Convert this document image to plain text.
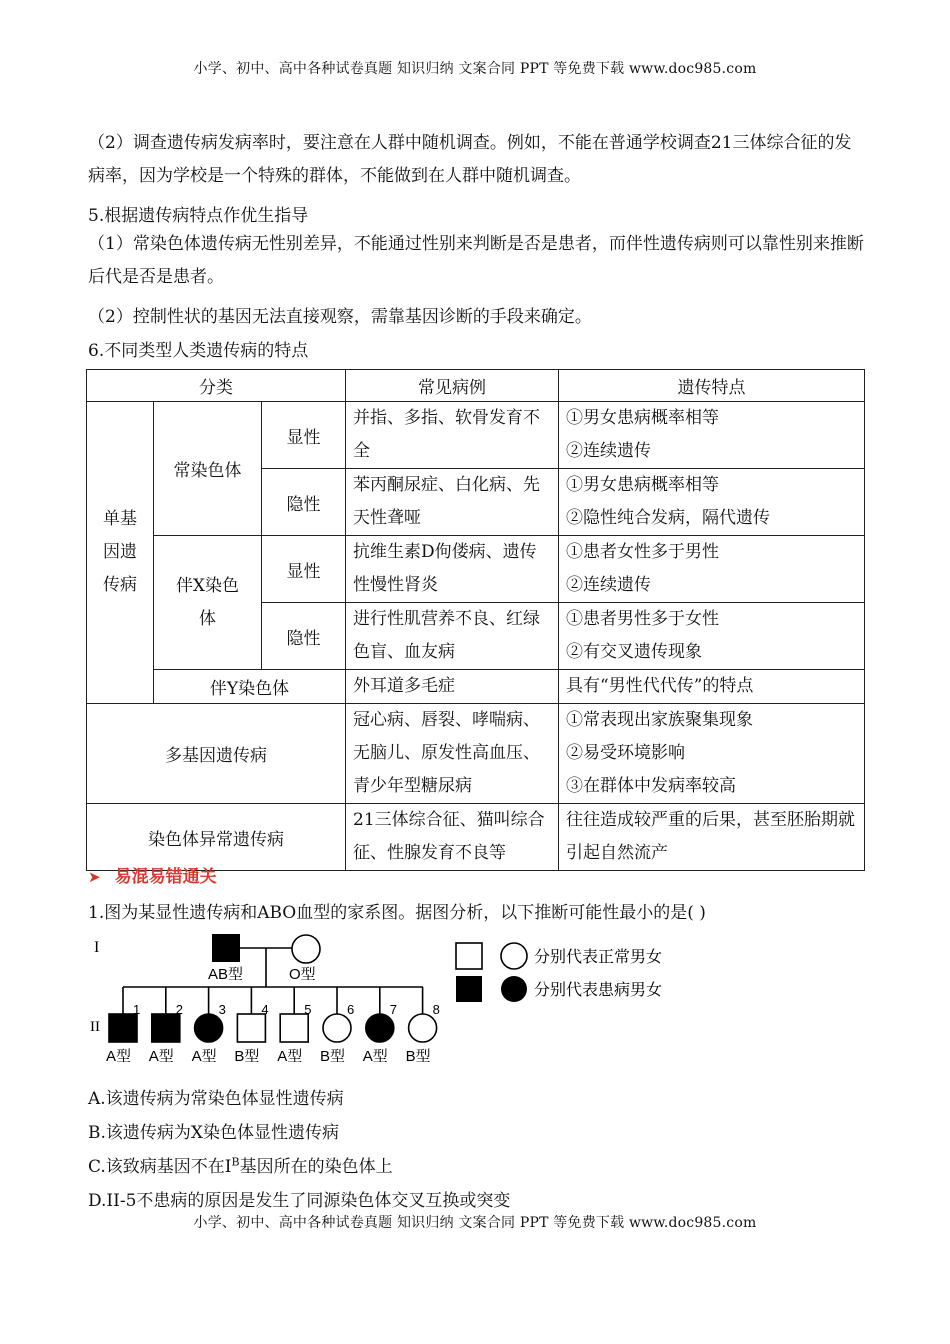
小学、初中、高中各种试卷真题 知识归纳 文案合同 PPT 等免费下载 www.doc985.com
（2）调查遗传病发病率时，要注意在人群中随机调查。例如，不能在普通学校调查21三体综合征的发病率，因为学校是一个特殊的群体，不能做到在人群中随机调查。
5.根据遗传病特点作优生指导
（1）常染色体遗传病无性别差异，不能通过性别来判断是否是患者，而伴性遗传病则可以靠性别来推断后代是否是患者。
（2）控制性状的基因无法直接观察，需靠基因诊断的手段来确定。
6.不同类型人类遗传病的特点
分类			常见病例	遗传特点
单基因遗传病	常染色体	显性	并指、多指、软骨发育不全	①男女患病概率相等
②连续遗传

		隐性	苯丙酮尿症、白化病、先天性聋哑	①男女患病概率相等
②隐性纯合发病，隔代遗传

	伴X染色体	显性	抗维生素D佝偻病、遗传性慢性肾炎	①患者女性多于男性
②连续遗传

		隐性	进行性肌营养不良、红绿色盲、血友病	①患者男性多于女性
②有交叉遗传现象

	伴Y染色体		外耳道多毛症	具有“男性代代传”的特点
多基因遗传病			冠心病、唇裂、哮喘病、无脑儿、原发性高血压、青少年型糖尿病	①常表现出家族聚集现象
②易受环境影响
③在群体中发病率较高

染色体异常遗传病			21三体综合征、猫叫综合征、性腺发育不良等	往往造成较严重的后果，甚至胚胎期就引起自然流产
➤ 易混易错通关
1.图为某显性遗传病和ABO血型的家系图。据图分析，以下推断可能性最小的是( )
I
II
AB型	O型
1
A型
2
A型
3
A型
4
B型
5
A型
6
B型
7
A型
8
B型
分别代表正常男女
分别代表患病男女
A.该遗传病为常染色体显性遗传病
B.该遗传病为X染色体显性遗传病
C.该致病基因不在Ⅰ$^B$基因所在的染色体上
D.II-5不患病的原因是发生了同源染色体交叉互换或突变
小学、初中、高中各种试卷真题 知识归纳 文案合同 PPT 等免费下载 www.doc985.com
